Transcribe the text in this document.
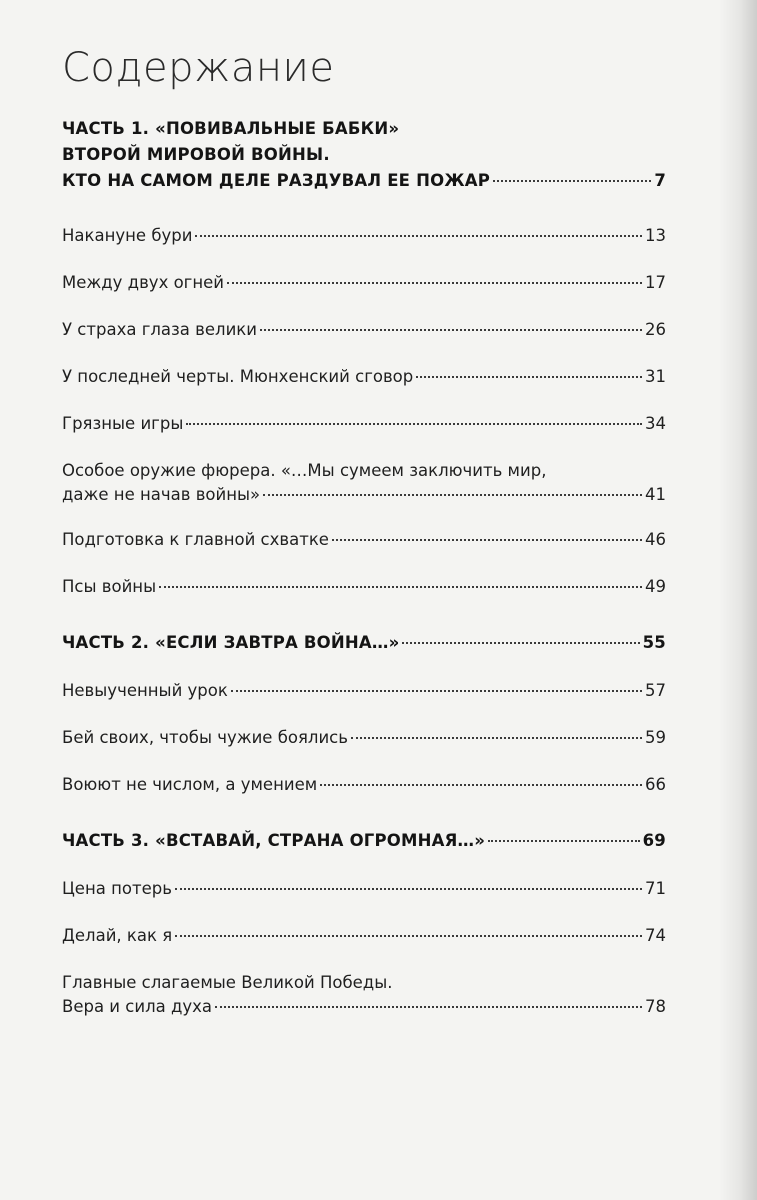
Содержание
ЧАСТЬ 1. «ПОВИВАЛЬНЫЕ БАБКИ»
ВТОРОЙ МИРОВОЙ ВОЙНЫ.
КТО НА САМОМ ДЕЛЕ РАЗДУВАЛ ЕЕ ПОЖАР	7
Накануне бури	13
Между двух огней	17
У страха глаза велики	26
У последней черты. Мюнхенский сговор	31
Грязные игры	34
Особое оружие фюрера. «…Мы сумеем заключить мир,
даже не начав войны»	41
Подготовка к главной схватке	46
Псы войны	49
ЧАСТЬ 2. «ЕСЛИ ЗАВТРА ВОЙНА…»	55
Невыученный урок	57
Бей своих, чтобы чужие боялись	59
Воюют не числом, а умением	66
ЧАСТЬ 3. «ВСТАВАЙ, СТРАНА ОГРОМНАЯ…»	69
Цена потерь	71
Делай, как я	74
Главные слагаемые Великой Победы.
Вера и сила духа	78
